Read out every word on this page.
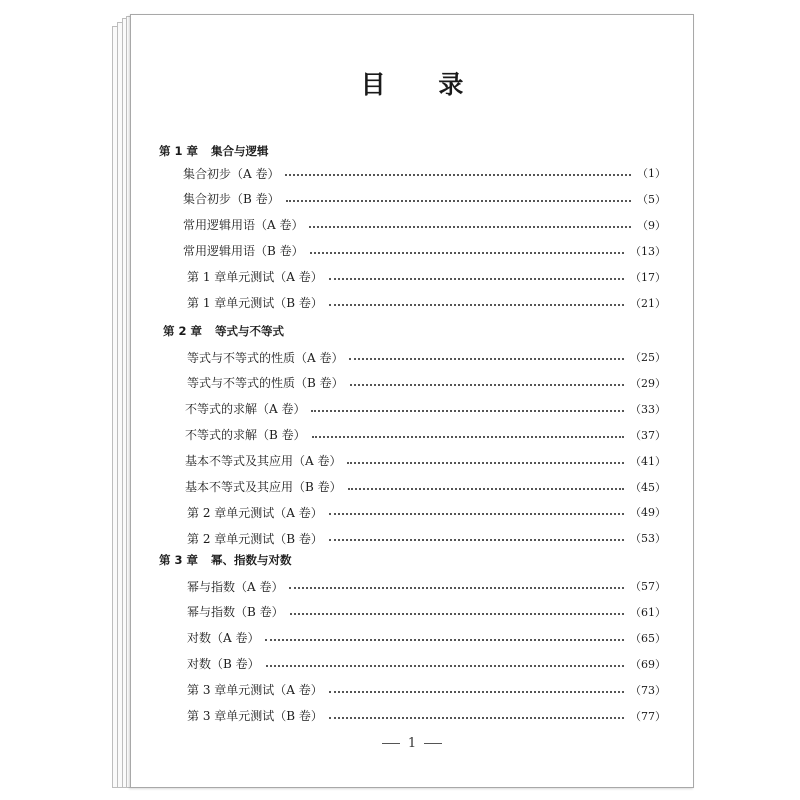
目 录
第 1 章 集合与逻辑
集合初步（A 卷）	（1）
集合初步（B 卷）	（5）
常用逻辑用语（A 卷）	（9）
常用逻辑用语（B 卷）	（13）
第 1 章单元测试（A 卷）	（17）
第 1 章单元测试（B 卷）	（21）
第 2 章 等式与不等式
等式与不等式的性质（A 卷）	（25）
等式与不等式的性质（B 卷）	（29）
不等式的求解（A 卷）	（33）
不等式的求解（B 卷）	（37）
基本不等式及其应用（A 卷）	（41）
基本不等式及其应用（B 卷）	（45）
第 2 章单元测试（A 卷）	（49）
第 2 章单元测试（B 卷）	（53）
第 3 章 幂、指数与对数
幂与指数（A 卷）	（57）
幂与指数（B 卷）	（61）
对数（A 卷）	（65）
对数（B 卷）	（69）
第 3 章单元测试（A 卷）	（73）
第 3 章单元测试（B 卷）	（77）
1
